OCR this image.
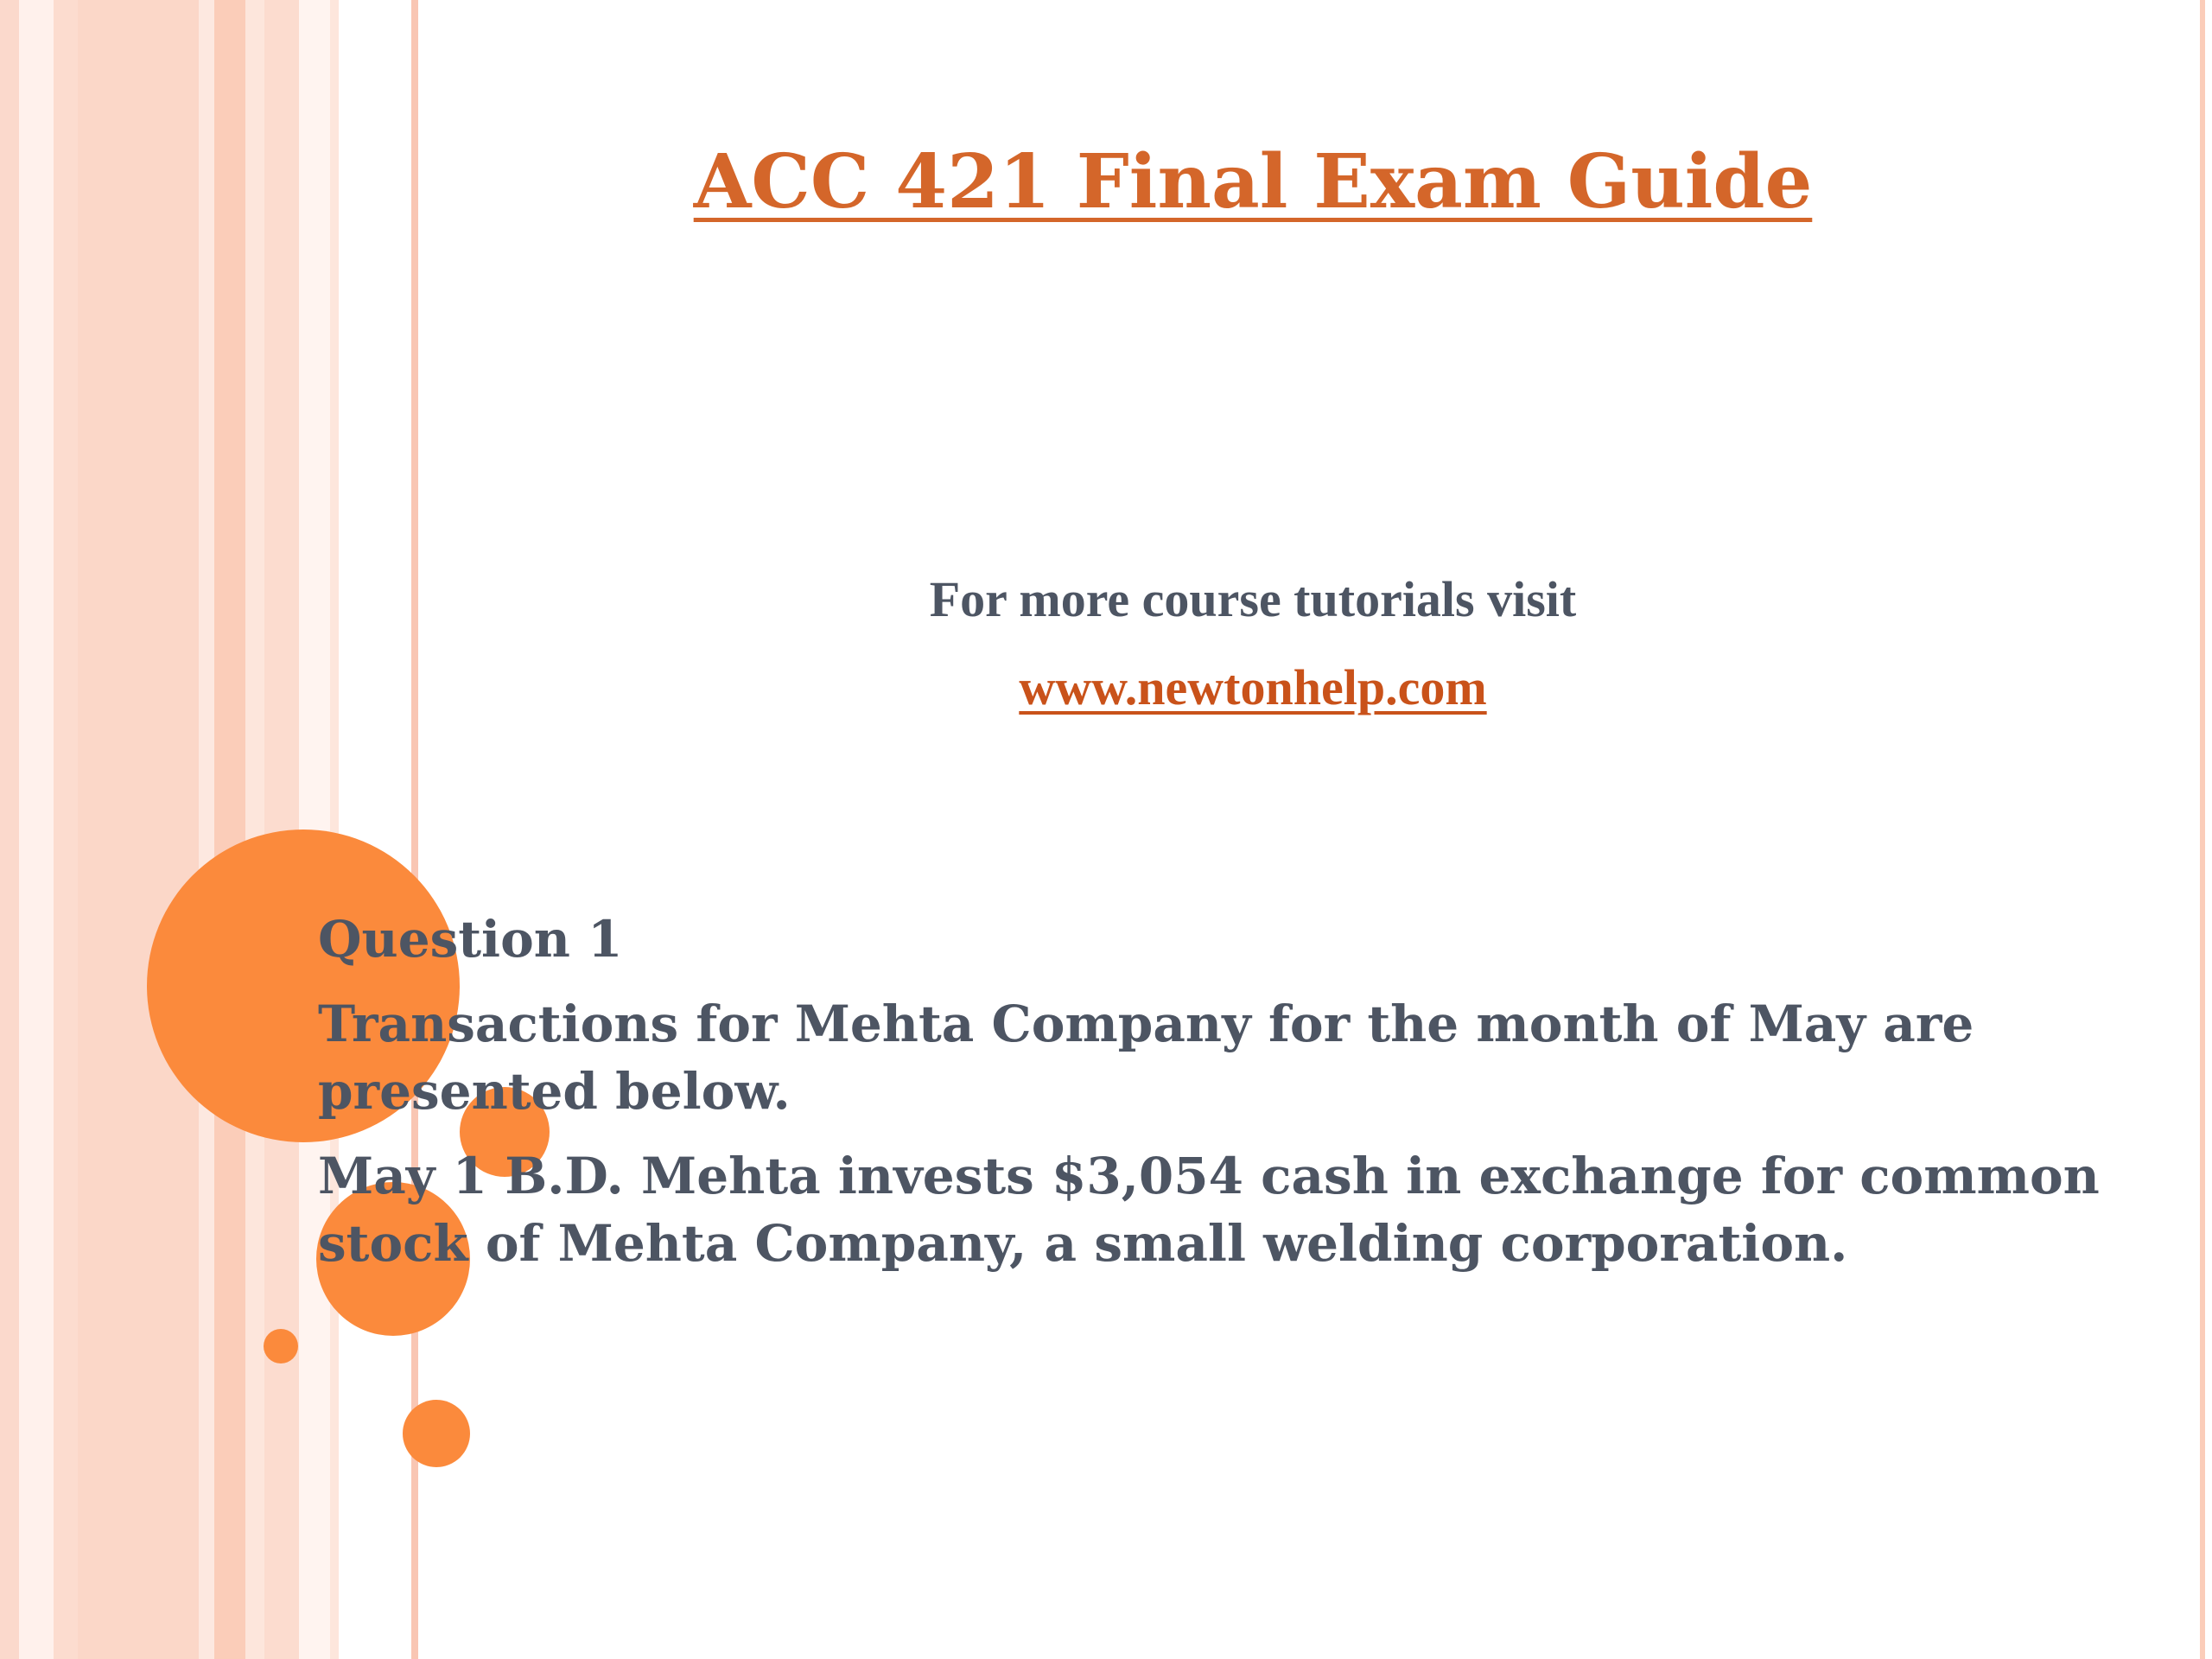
ACC 421 Final Exam Guide

For more course tutorials visit

www.newtonhelp.com

Question 1

Transactions for Mehta Company for the month of May are presented below.

May 1 B.D. Mehta invests $3,054 cash in exchange for common stock of Mehta Company, a small welding corporation.
